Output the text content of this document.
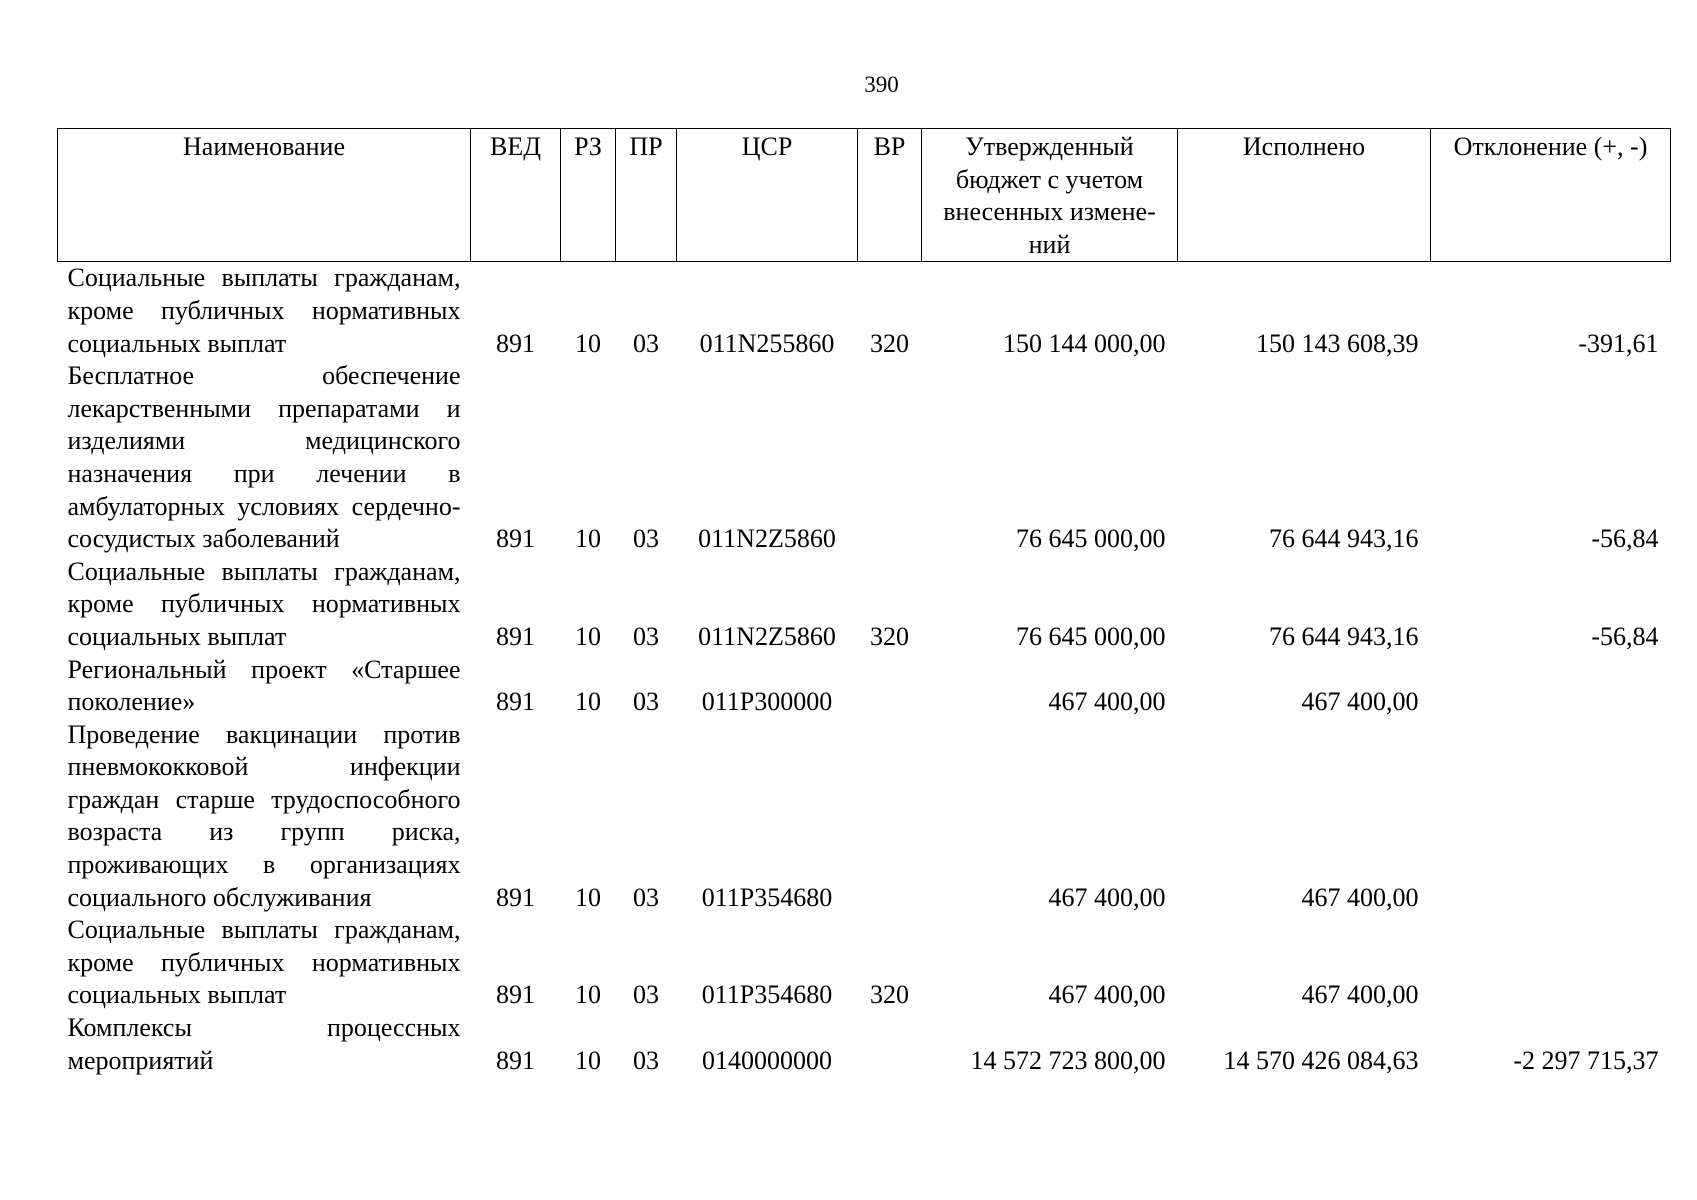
390
Наименование	ВЕД	РЗ	ПР	ЦСР	ВР	Утвержденный бюджет с учетом внесенных измене-ний	Исполнено	Отклонение (+, -)
Социальные выплаты гражданам, кроме публичных нормативных социальных выплат	891	10	03	011N255860	320	150 144 000,00	150 143 608,39	-391,61
Бесплатное обеспечение лекарственными препаратами и изделиями медицинского назначения при лечении в амбулаторных условиях сердечно-сосудистых заболеваний	891	10	03	011N2Z5860		76 645 000,00	76 644 943,16	-56,84
Социальные выплаты гражданам, кроме публичных нормативных социальных выплат	891	10	03	011N2Z5860	320	76 645 000,00	76 644 943,16	-56,84
Региональный проект «Старшее поколение»	891	10	03	011P300000		467 400,00	467 400,00	
Проведение вакцинации против пневмококковой инфекции граждан старше трудоспособного возраста из групп риска, проживающих в организациях социального обслуживания	891	10	03	011P354680		467 400,00	467 400,00	
Социальные выплаты гражданам, кроме публичных нормативных социальных выплат	891	10	03	011P354680	320	467 400,00	467 400,00	
Комплексы процессных мероприятий	891	10	03	0140000000		14 572 723 800,00	14 570 426 084,63	-2 297 715,37
